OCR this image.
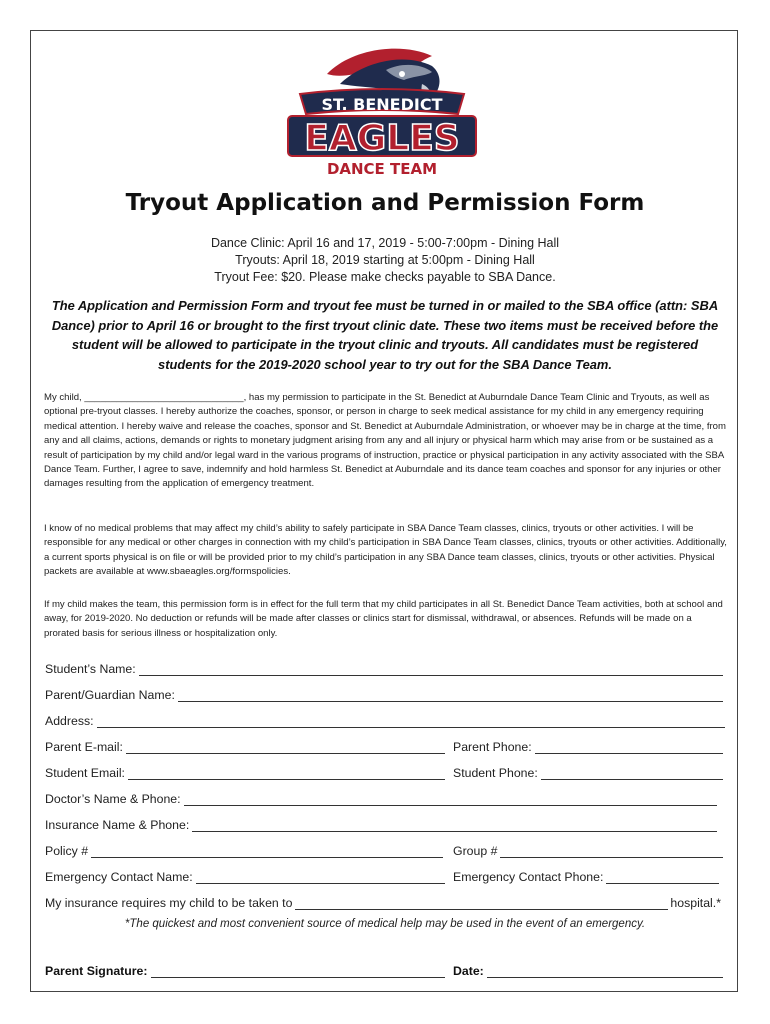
ST. BENEDICT
EAGLES
DANCE TEAM
Tryout Application and Permission Form
Dance Clinic: April 16 and 17, 2019 - 5:00-7:00pm - Dining Hall
Tryouts: April 18, 2019 starting at 5:00pm - Dining Hall
Tryout Fee: $20. Please make checks payable to SBA Dance.
The Application and Permission Form and tryout fee must be turned in or mailed to the SBA office (attn: SBA Dance) prior to April 16 or brought to the first tryout clinic date. These two items must be received before the student will be allowed to participate in the tryout clinic and tryouts. All candidates must be registered students for the 2019-2020 school year to try out for the SBA Dance Team.
My child, ______________________________, has my permission to participate in the St. Benedict at Auburndale Dance Team Clinic and Tryouts, as well as optional pre-tryout classes. I hereby authorize the coaches, sponsor, or person in charge to seek medical assistance for my child in any emergency requiring medical attention. I hereby waive and release the coaches, sponsor and St. Benedict at Auburndale Administration, or whoever may be in charge at the time, from any and all claims, actions, demands or rights to monetary judgment arising from any and all injury or physical harm which may arise from or be sustained as a result of participation by my child and/or legal ward in the various programs of instruction, practice or physical participation in any activity associated with the SBA Dance Team. Further, I agree to save, indemnify and hold harmless St. Benedict at Auburndale and its dance team coaches and sponsor for any injuries or other damages resulting from the application of emergency treatment.
I know of no medical problems that may affect my child’s ability to safely participate in SBA Dance Team classes, clinics, tryouts or other activities. I will be responsible for any medical or other charges in connection with my child’s participation in SBA Dance Team classes, clinics, tryouts or other activities. Additionally, a current sports physical is on file or will be provided prior to my child’s participation in any SBA Dance team classes, clinics, tryouts or other activities. Physical packets are available at www.sbaeagles.org/formspolicies.
If my child makes the team, this permission form is in effect for the full term that my child participates in all St. Benedict Dance Team activities, both at school and away, for 2019-2020. No deduction or refunds will be made after classes or clinics start for dismissal, withdrawal, or absences. Refunds will be made on a prorated basis for serious illness or hospitalization only.
Student’s Name:
Parent/Guardian Name:
Address:
Parent E-mail:	Parent Phone:
Student Email:	Student Phone:
Doctor’s Name & Phone:
Insurance Name & Phone:
Policy #	Group #
Emergency Contact Name:	Emergency Contact Phone:
My insurance requires my child to be taken to	hospital.*
*The quickest and most convenient source of medical help may be used in the event of an emergency.
Parent Signature:	Date:
